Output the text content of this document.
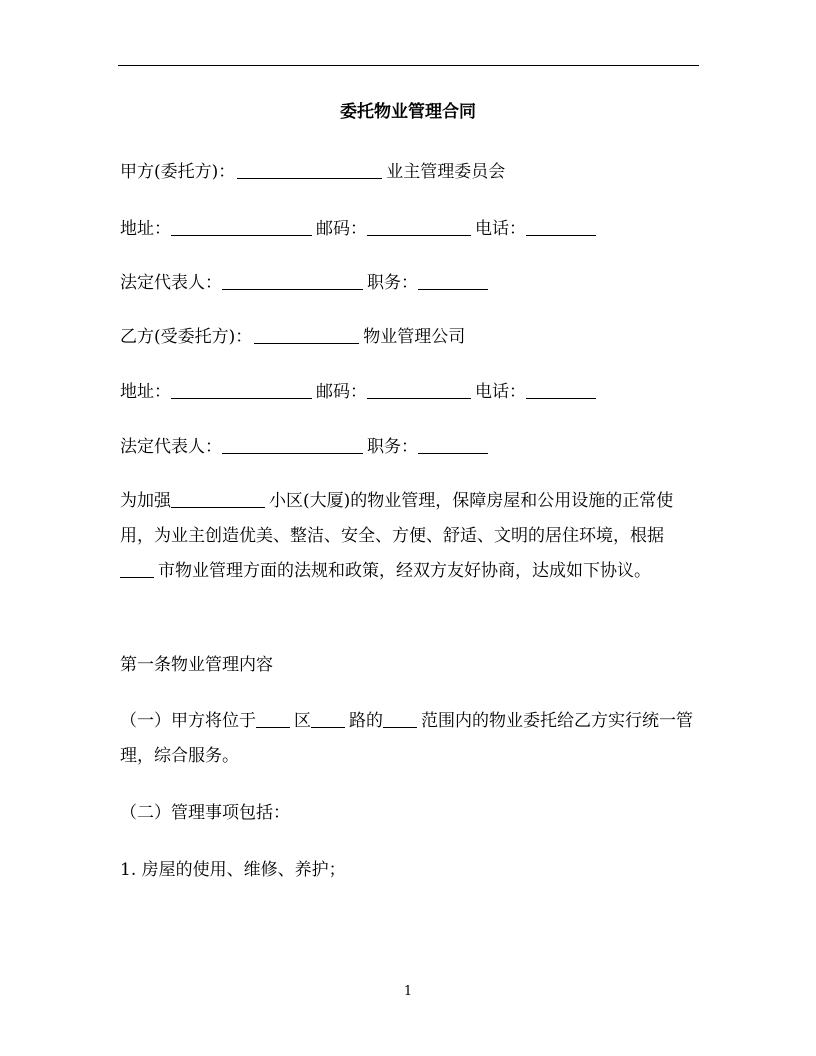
委托物业管理合同
甲方(委托方)：	业主管理委员会
地址：	邮码：	电话：
法定代表人：	职务：
乙方(受委托方)：	物业管理公司
地址：	邮码：	电话：
法定代表人：	职务：
为加强	小区(大厦)的物业管理，保障房屋和公用设施的正常使用，为业主创造优美、整洁、安全、方便、舒适、文明的居住环境，根据市物业管理方面的法规和政策，经双方友好协商，达成如下协议。
第一条物业管理内容
（一）甲方将位于 区 路的 范围内的物业委托给乙方实行统一管理，综合服务。
（二）管理事项包括：
1. 房屋的使用、维修、养护；
1
